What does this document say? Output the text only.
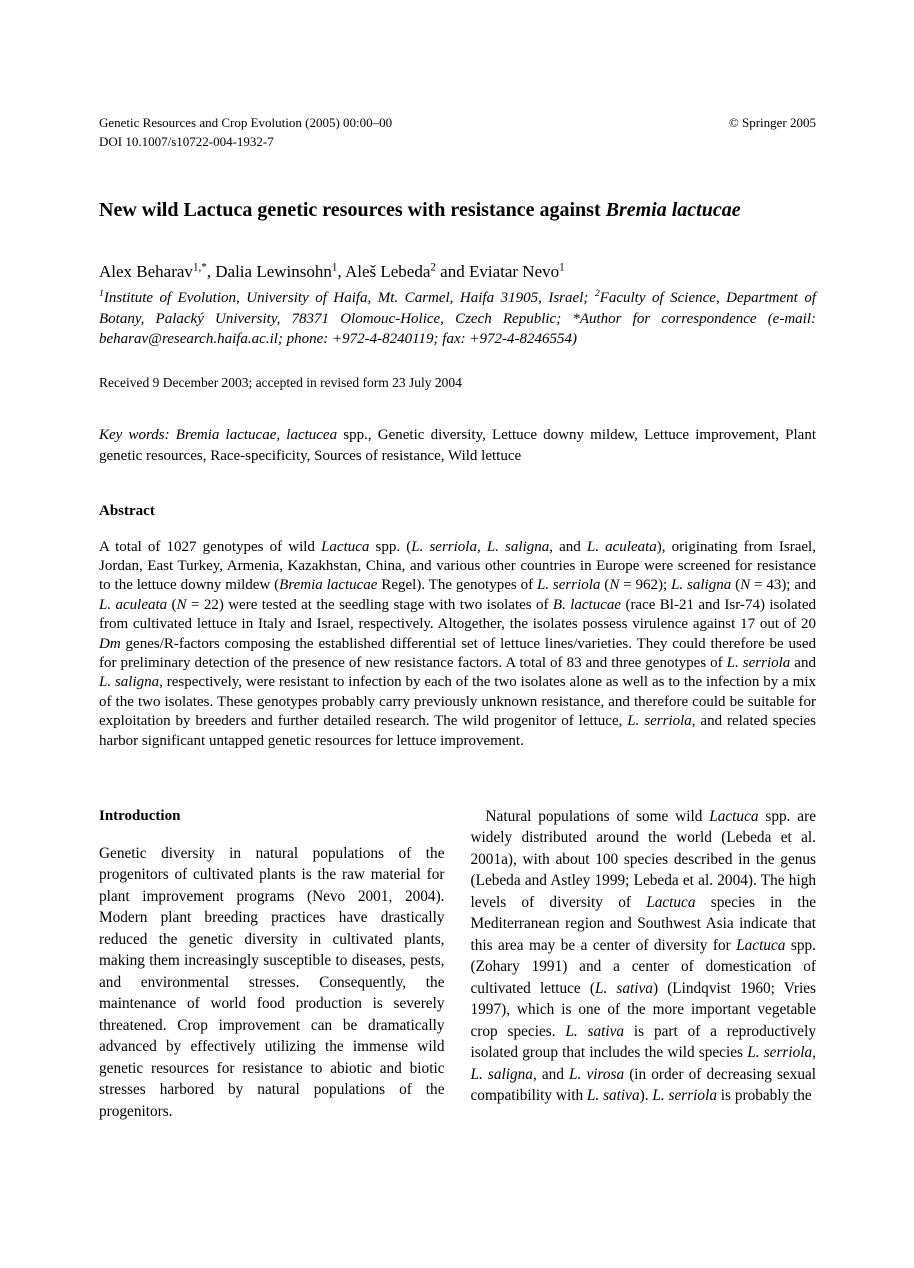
Genetic Resources and Crop Evolution (2005) 00:00–00
DOI 10.1007/s10722-004-1932-7
© Springer 2005
New wild Lactuca genetic resources with resistance against Bremia lactucae
Alex Beharav$^{1,*}$, Dalia Lewinsohn$^1$, Aleš Lebeda$^2$ and Eviatar Nevo$^1$
$^1$Institute of Evolution, University of Haifa, Mt. Carmel, Haifa 31905, Israel; $^2$Faculty of Science, Department of Botany, Palacký University, 78371 Olomouc-Holice, Czech Republic; *Author for correspondence (e-mail: beharav@research.haifa.ac.il; phone: +972-4-8240119; fax: +972-4-8246554)
Received 9 December 2003; accepted in revised form 23 July 2004
Key words: Bremia lactucae, lactucea spp., Genetic diversity, Lettuce downy mildew, Lettuce improvement, Plant genetic resources, Race-specificity, Sources of resistance, Wild lettuce
Abstract

A total of 1027 genotypes of wild Lactuca spp. (L. serriola, L. saligna, and L. aculeata), originating from Israel, Jordan, East Turkey, Armenia, Kazakhstan, China, and various other countries in Europe were screened for resistance to the lettuce downy mildew (Bremia lactucae Regel). The genotypes of L. serriola (N = 962); L. saligna (N = 43); and L. aculeata (N = 22) were tested at the seedling stage with two isolates of B. lactucae (race Bl-21 and Isr-74) isolated from cultivated lettuce in Italy and Israel, respectively. Altogether, the isolates possess virulence against 17 out of 20 Dm genes/R-factors composing the established differential set of lettuce lines/varieties. They could therefore be used for preliminary detection of the presence of new resistance factors. A total of 83 and three genotypes of L. serriola and L. saligna, respectively, were resistant to infection by each of the two isolates alone as well as to the infection by a mix of the two isolates. These genotypes probably carry previously unknown resistance, and therefore could be suitable for exploitation by breeders and further detailed research. The wild progenitor of lettuce, L. serriola, and related species harbor significant untapped genetic resources for lettuce improvement.

Introduction

Genetic diversity in natural populations of the progenitors of cultivated plants is the raw material for plant improvement programs (Nevo 2001, 2004). Modern plant breeding practices have drastically reduced the genetic diversity in cultivated plants, making them increasingly susceptible to diseases, pests, and environmental stresses. Consequently, the maintenance of world food production is severely threatened. Crop improvement can be dramatically advanced by effectively utilizing the immense wild genetic resources for resistance to abiotic and biotic stresses harbored by natural populations of the progenitors.

Natural populations of some wild Lactuca spp. are widely distributed around the world (Lebeda et al. 2001a), with about 100 species described in the genus (Lebeda and Astley 1999; Lebeda et al. 2004). The high levels of diversity of Lactuca species in the Mediterranean region and Southwest Asia indicate that this area may be a center of diversity for Lactuca spp. (Zohary 1991) and a center of domestication of cultivated lettuce (L. sativa) (Lindqvist 1960; Vries 1997), which is one of the more important vegetable crop species. L. sativa is part of a reproductively isolated group that includes the wild species L. serriola, L. saligna, and L. virosa (in order of decreasing sexual compatibility with L. sativa). L. serriola is probably the
